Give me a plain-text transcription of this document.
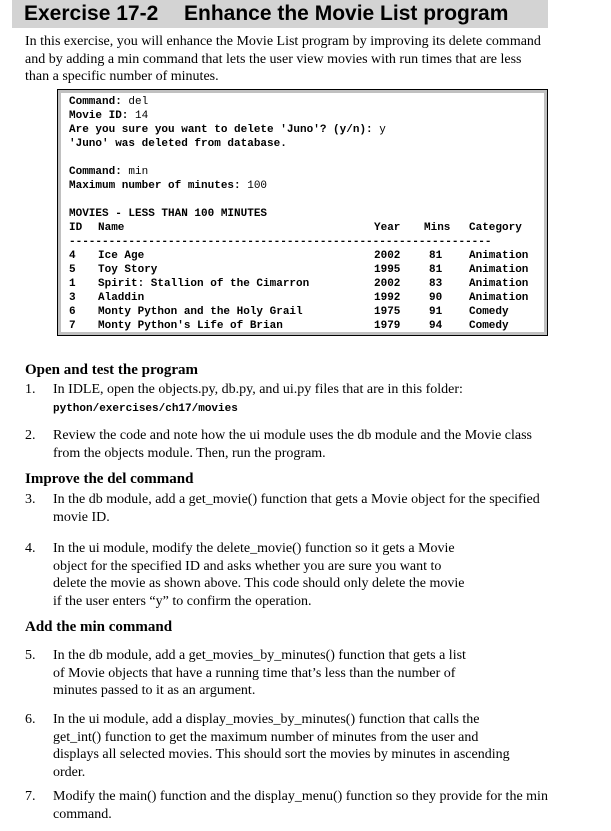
Exercise 17-2 Enhance the Movie List program
In this exercise, you will enhance the Movie List program by improving its delete command and by adding a min command that lets the user view movies with run times that are less than a specific number of minutes.
Command: del
Movie ID: 14
Are you sure you want to delete 'Juno'? (y/n): y
'Juno' was deleted from database.
Command: min
Maximum number of minutes: 100
MOVIES - LESS THAN 100 MINUTES
ID Name	Year Mins Category
----------------------------------------------------------------
4 Ice Age	2002	81 Animation
5 Toy Story	1995	81 Animation
1 Spirit: Stallion of the Cimarron	2002	83 Animation
3 Aladdin	1992	90 Animation
6 Monty Python and the Holy Grail	1975	91 Comedy
7 Monty Python's Life of Brian	1979	94 Comedy
Open and test the program
1. In IDLE, open the objects.py, db.py, and ui.py files that are in this folder:
python/exercises/ch17/movies
2. Review the code and note how the ui module uses the db module and the Movie class from the objects module. Then, run the program.
Improve the del command
3. In the db module, add a get_movie() function that gets a Movie object for the specified movie ID.
4. In the ui module, modify the delete_movie() function so it gets a Movie object for the specified ID and asks whether you are sure you want to delete the movie as shown above. This code should only delete the movie if the user enters “y” to confirm the operation.
Add the min command
5. In the db module, add a get_movies_by_minutes() function that gets a list of Movie objects that have a running time that’s less than the number of minutes passed to it as an argument.
6. In the ui module, add a display_movies_by_minutes() function that calls the get_int() function to get the maximum number of minutes from the user and displays all selected movies. This should sort the movies by minutes in ascending order.
7. Modify the main() function and the display_menu() function so they provide for the min command.
